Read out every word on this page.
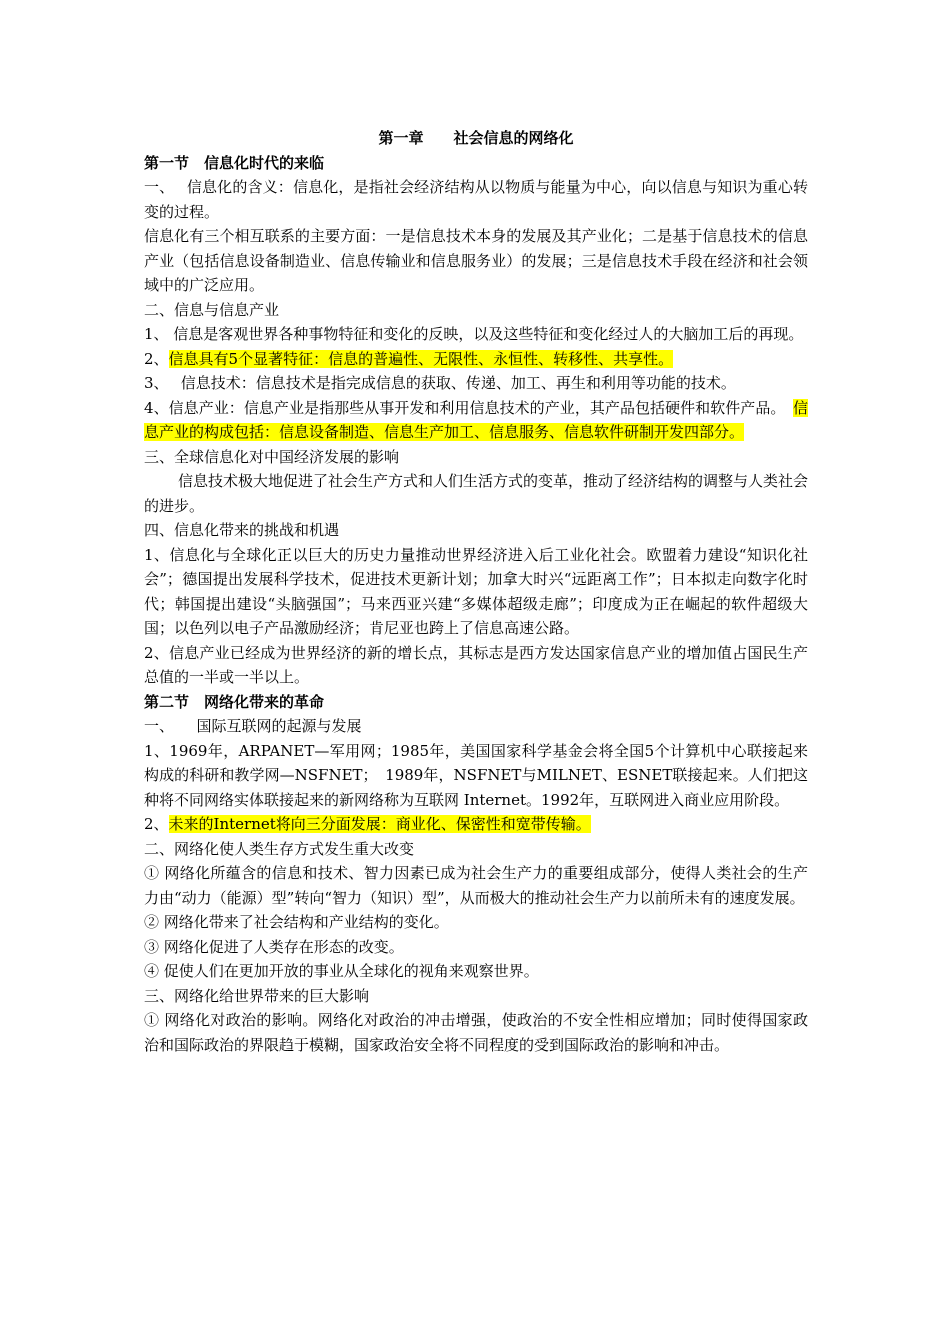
第一章　　社会信息的网络化

第一节　信息化时代的来临

一、　 信息化的含义：信息化，是指社会经济结构从以物质与能量为中心，向以信息与知识为重心转变的过程。

信息化有三个相互联系的主要方面：一是信息技术本身的发展及其产业化；二是基于信息技术的信息产业（包括信息设备制造业、信息传输业和信息服务业）的发展；三是信息技术手段在经济和社会领域中的广泛应用。

二、信息与信息产业

1、 信息是客观世界各种事物特征和变化的反映，以及这些特征和变化经过人的大脑加工后的再现。

2、信息具有5个显著特征：信息的普遍性、无限性、永恒性、转移性、共享性。

3、　 信息技术：信息技术是指完成信息的获取、传递、加工、再生和利用等功能的技术。

4、信息产业：信息产业是指那些从事开发和利用信息技术的产业，其产品包括硬件和软件产品。　信息产业的构成包括：信息设备制造、信息生产加工、信息服务、信息软件研制开发四部分。

三、全球信息化对中国经济发展的影响

信息技术极大地促进了社会生产方式和人们生活方式的变革，推动了经济结构的调整与人类社会的进步。

四、信息化带来的挑战和机遇

1、信息化与全球化正以巨大的历史力量推动世界经济进入后工业化社会。欧盟着力建设“知识化社会”；德国提出发展科学技术，促进技术更新计划；加拿大时兴“远距离工作”；日本拟走向数字化时代；韩国提出建设“头脑强国”；马来西亚兴建“多媒体超级走廊”；印度成为正在崛起的软件超级大国；以色列以电子产品激励经济；肯尼亚也跨上了信息高速公路。

2、信息产业已经成为世界经济的新的增长点，其标志是西方发达国家信息产业的增加值占国民生产总值的一半或一半以上。

第二节　网络化带来的革命

一、　　国际互联网的起源与发展

1、1969年，ARPANET—军用网；1985年，美国国家科学基金会将全国5个计算机中心联接起来构成的科研和教学网—NSFNET；　1989年，NSFNET与MILNET、ESNET联接起来。人们把这种将不同网络实体联接起来的新网络称为互联网 Internet。1992年，互联网进入商业应用阶段。

2、未来的Internet将向三分面发展：商业化、保密性和宽带传输。

二、网络化使人类生存方式发生重大改变

① 网络化所蕴含的信息和技术、智力因素已成为社会生产力的重要组成部分，使得人类社会的生产力由“动力（能源）型”转向“智力（知识）型”，从而极大的推动社会生产力以前所未有的速度发展。

② 网络化带来了社会结构和产业结构的变化。

③ 网络化促进了人类存在形态的改变。

④ 促使人们在更加开放的事业从全球化的视角来观察世界。

三、网络化给世界带来的巨大影响

① 网络化对政治的影响。网络化对政治的冲击增强，使政治的不安全性相应增加；同时使得国家政治和国际政治的界限趋于模糊，国家政治安全将不同程度的受到国际政治的影响和冲击。
